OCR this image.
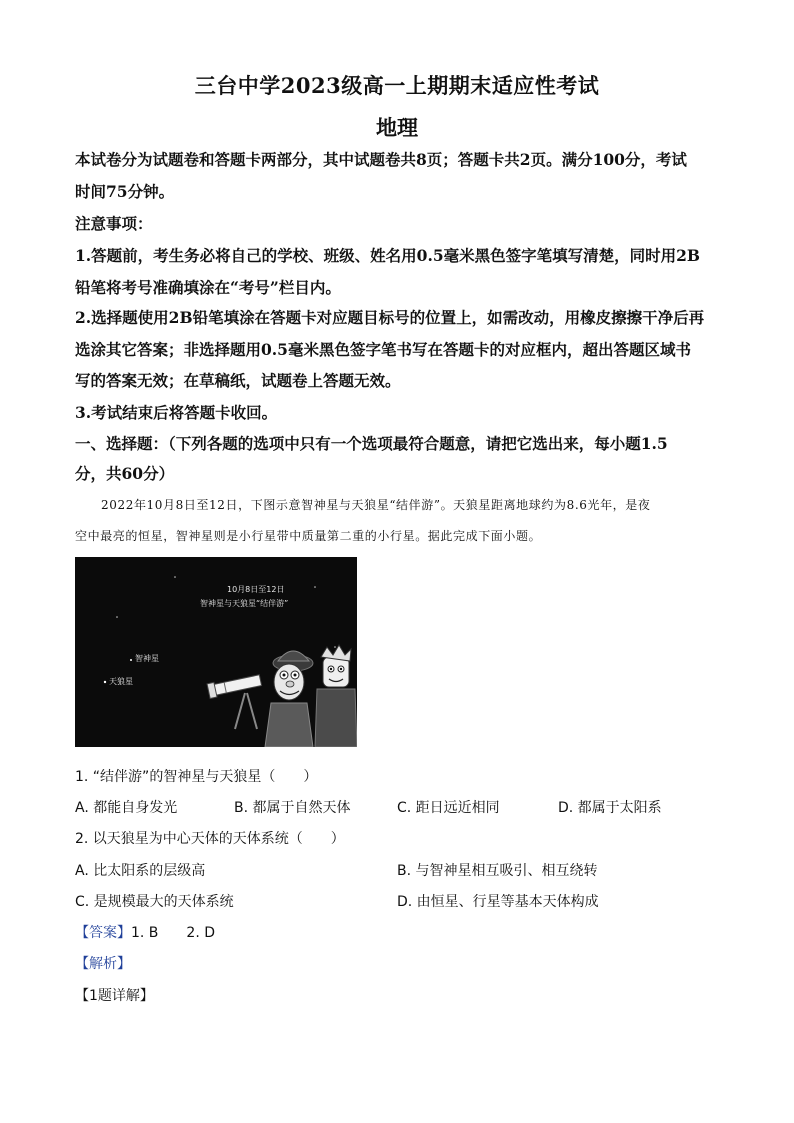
三台中学2023级高一上期期末适应性考试
地理
本试卷分为试题卷和答题卡两部分，其中试题卷共8页；答题卡共2页。满分100分，考试
时间75分钟。
注意事项：
1.答题前，考生务必将自己的学校、班级、姓名用0.5毫米黑色签字笔填写清楚，同时用2B
铅笔将考号准确填涂在“考号”栏目内。
2.选择题使用2B铅笔填涂在答题卡对应题目标号的位置上，如需改动，用橡皮擦擦干净后再
选涂其它答案；非选择题用0.5毫米黑色签字笔书写在答题卡的对应框内，超出答题区域书
写的答案无效；在草稿纸，试题卷上答题无效。
3.考试结束后将答题卡收回。
一、选择题：（下列各题的选项中只有一个选项最符合题意，请把它选出来，每小题1.5
分，共60分）
2022年10月8日至12日，下图示意智神星与天狼星“结伴游”。天狼星距离地球约为8.6光年，是夜
空中最亮的恒星，智神星则是小行星带中质量第二重的小行星。据此完成下面小题。
10月8日至12日
智神星与天狼星“结伴游”
智神星
天狼星
1. “结伴游”的智神星与天狼星（　　）
A. 都能自身发光	B. 都属于自然天体	C. 距日远近相同	D. 都属于太阳系
2. 以天狼星为中心天体的天体系统（　　）
A. 比太阳系的层级高	B. 与智神星相互吸引、相互绕转
C. 是规模最大的天体系统	D. 由恒星、行星等基本天体构成
【答案】1. B　　2. D
【解析】
【1题详解】
